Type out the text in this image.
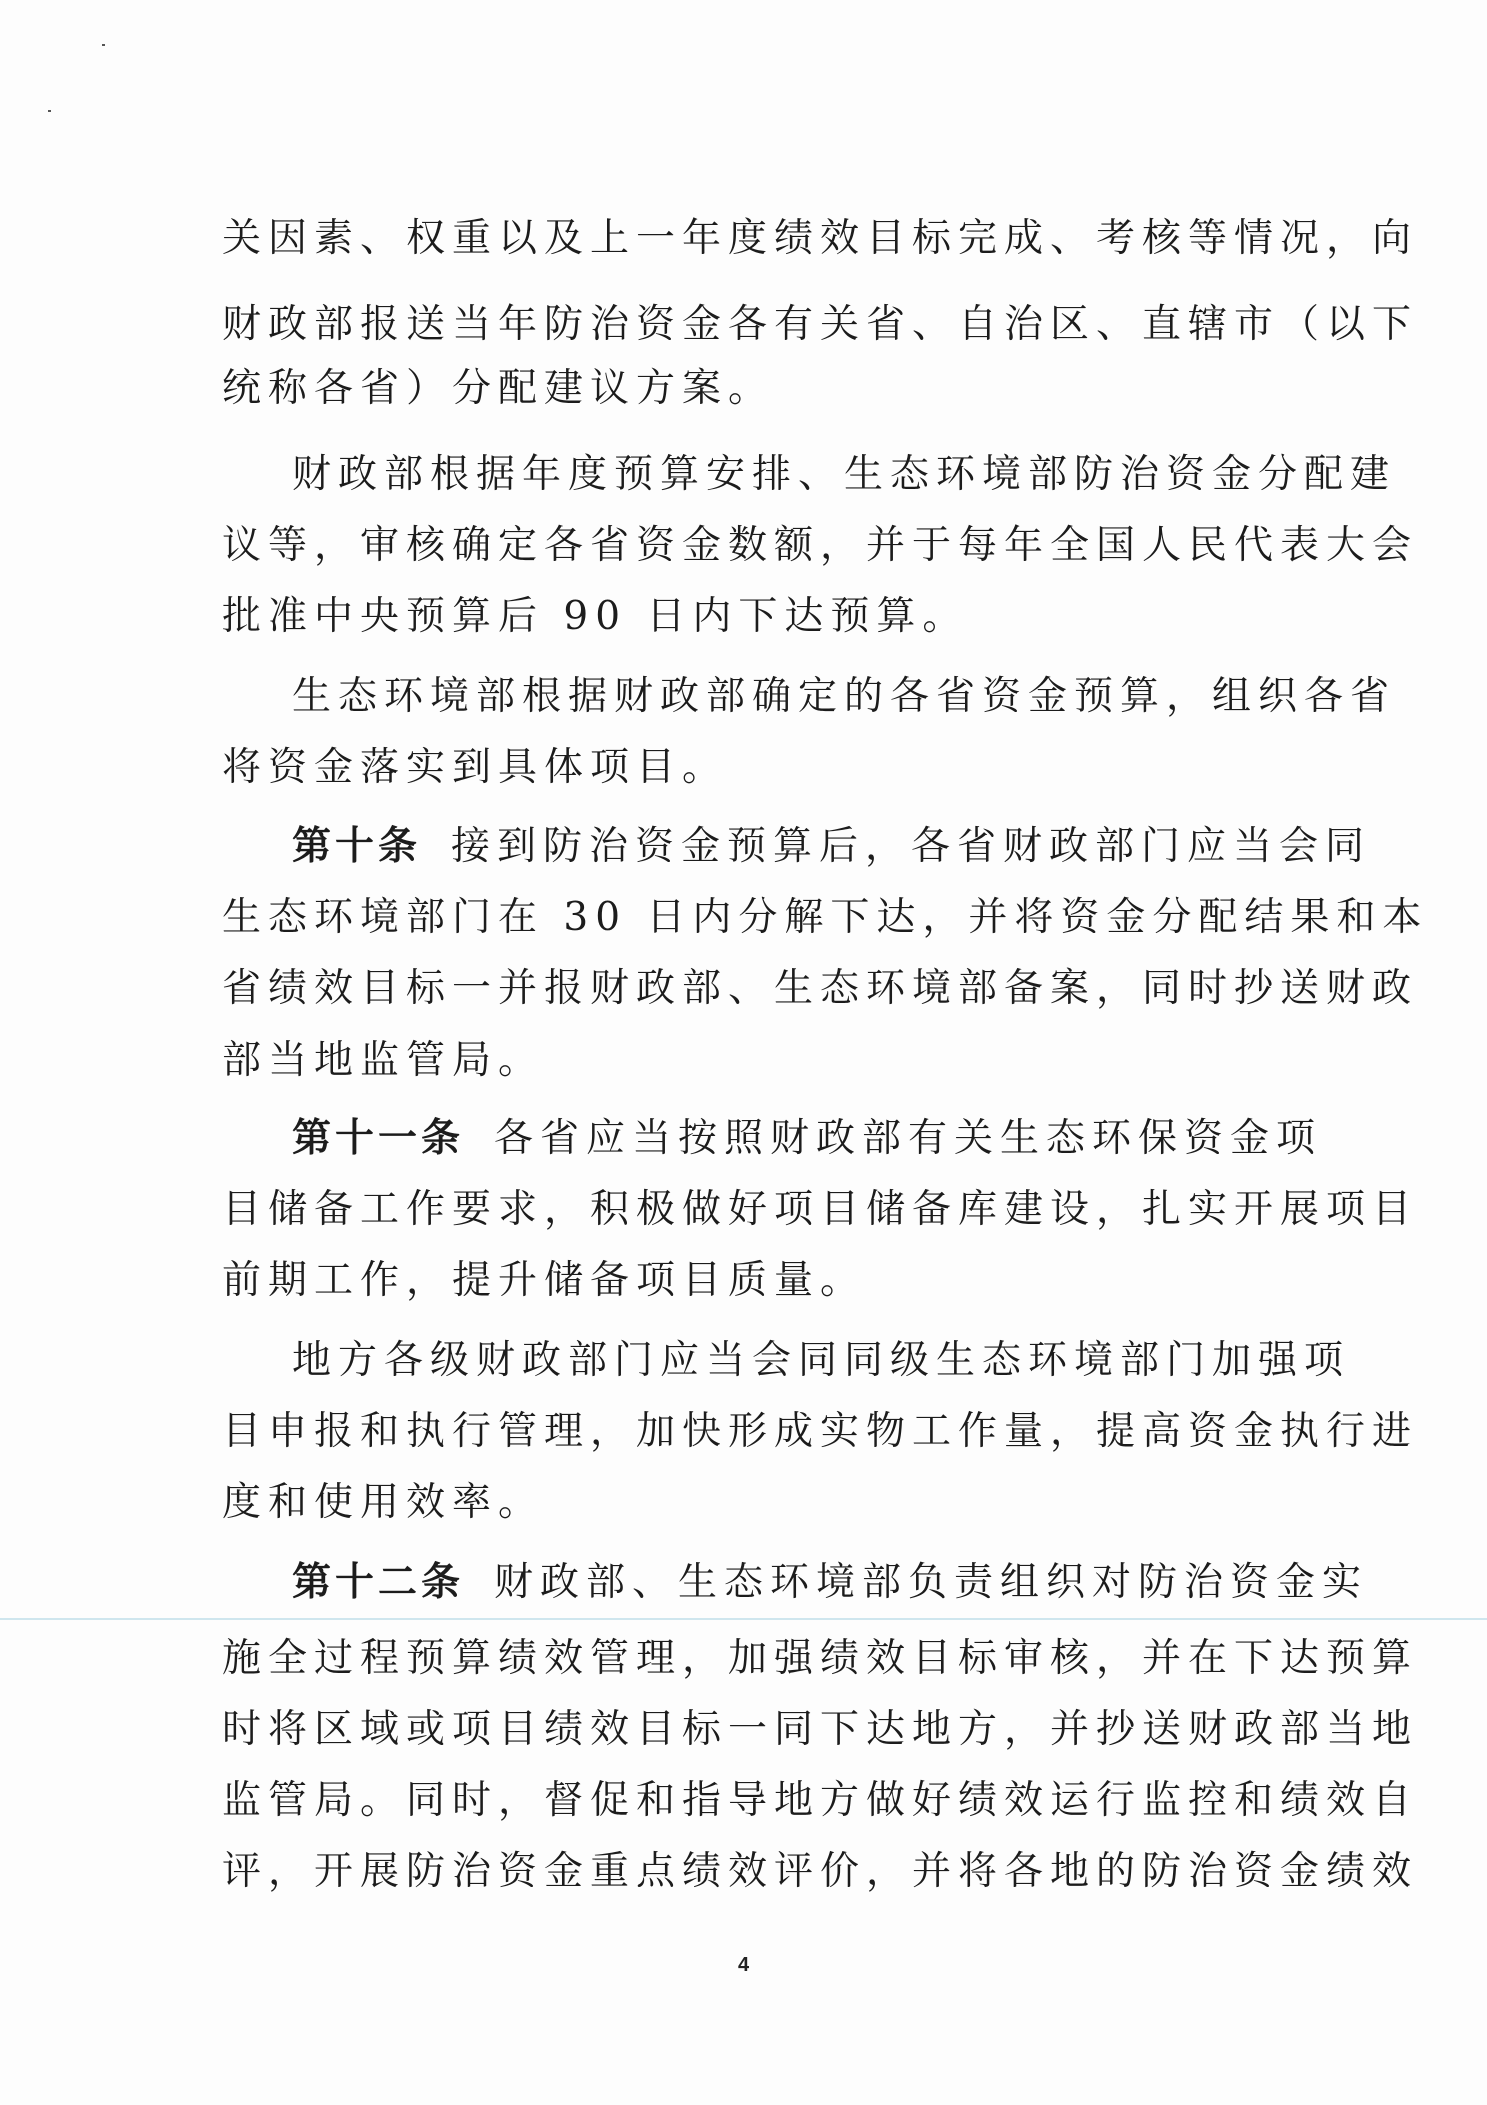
关因素、权重以及上一年度绩效目标完成、考核等情况，向
财政部报送当年防治资金各有关省、自治区、直辖市（以下
统称各省）分配建议方案。
财政部根据年度预算安排、生态环境部防治资金分配建
议等，审核确定各省资金数额，并于每年全国人民代表大会
批准中央预算后 90 日内下达预算。
生态环境部根据财政部确定的各省资金预算，组织各省
将资金落实到具体项目。
第十条 接到防治资金预算后，各省财政部门应当会同
生态环境部门在 30 日内分解下达，并将资金分配结果和本
省绩效目标一并报财政部、生态环境部备案，同时抄送财政
部当地监管局。
第十一条 各省应当按照财政部有关生态环保资金项
目储备工作要求，积极做好项目储备库建设，扎实开展项目
前期工作，提升储备项目质量。
地方各级财政部门应当会同同级生态环境部门加强项
目申报和执行管理，加快形成实物工作量，提高资金执行进
度和使用效率。
第十二条 财政部、生态环境部负责组织对防治资金实
施全过程预算绩效管理，加强绩效目标审核，并在下达预算
时将区域或项目绩效目标一同下达地方，并抄送财政部当地
监管局。同时，督促和指导地方做好绩效运行监控和绩效自
评，开展防治资金重点绩效评价，并将各地的防治资金绩效
4
